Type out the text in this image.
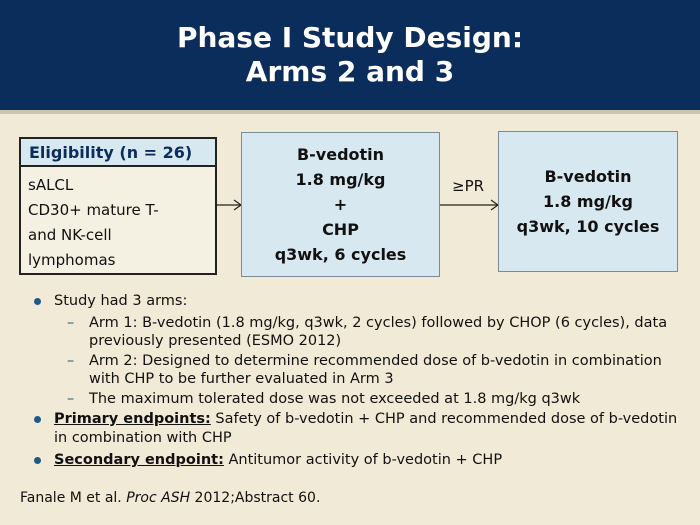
Phase I Study Design:
Arms 2 and 3
Eligibility (n = 26)
sALCL
CD30+ mature T-
and NK-cell
lymphomas
B-vedotin
1.8 mg/kg
+
CHP
q3wk, 6 cycles
≥PR	B-vedotin
1.8 mg/kg
q3wk, 10 cycles
Study had 3 arms:
– Arm 1: B-vedotin (1.8 mg/kg, q3wk, 2 cycles) followed by CHOP (6 cycles), data previously presented (ESMO 2012)
– Arm 2: Designed to determine recommended dose of b-vedotin in combination with CHP to be further evaluated in Arm 3
– The maximum tolerated dose was not exceeded at 1.8 mg/kg q3wk
Primary endpoints: Safety of b-vedotin + CHP and recommended dose of b-vedotin in combination with CHP
Secondary endpoint: Antitumor activity of b-vedotin + CHP
Fanale M et al. Proc ASH 2012;Abstract 60.
